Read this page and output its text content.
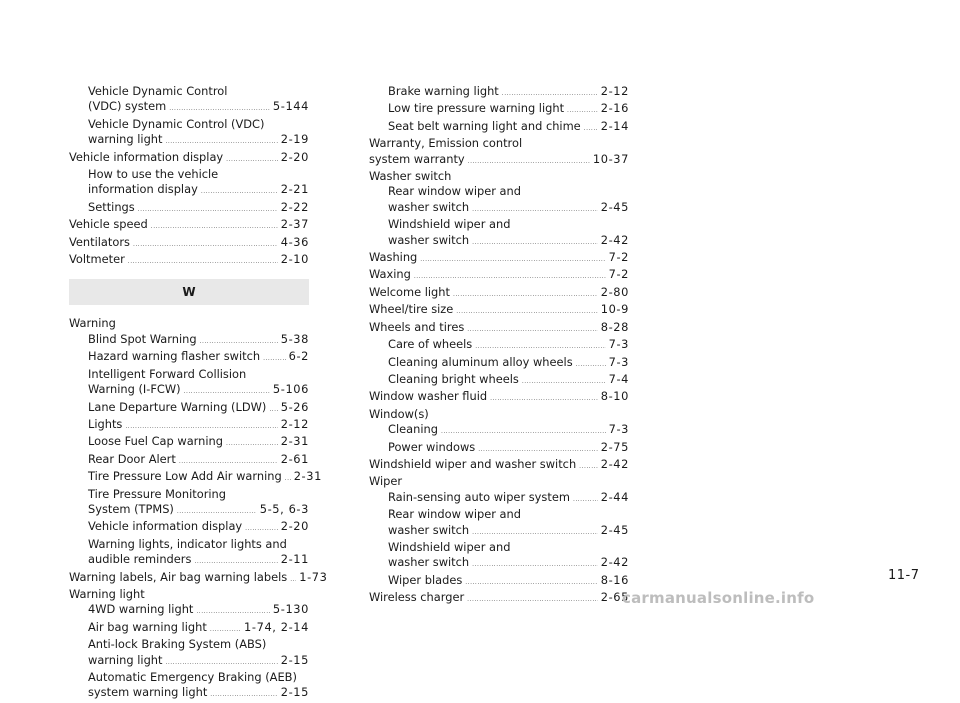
Vehicle Dynamic Control
(VDC) system .....	5-144
Vehicle Dynamic Control (VDC)
warning light .....	2-19
Vehicle information display .....	2-20
How to use the vehicle
information display .....	2-21
Settings .....	2-22
Vehicle speed .....	2-37
Ventilators .....	4-36
Voltmeter .....	2-10
W
Warning
Blind Spot Warning .....	5-38
Hazard warning flasher switch .....	6-2
Intelligent Forward Collision
Warning (I-FCW) .....	5-106
Lane Departure Warning (LDW) ..... 5-26
Lights .....	2-12
Loose Fuel Cap warning .....	2-31
Rear Door Alert .....	2-61
Tire Pressure Low Add Air warning ..... 2-31
Tire Pressure Monitoring
System (TPMS) .....	5-5, 6-3
Vehicle information display .....	2-20
Warning lights, indicator lights and
audible reminders .....	2-11
Warning labels, Air bag warning labels ..... 1-73
Warning light
4WD warning light .....	5-130
Air bag warning light .....	1-74, 2-14
Anti-lock Braking System (ABS)
warning light .....	2-15
Automatic Emergency Braking (AEB)
system warning light .....	2-15
Brake warning light .....	2-12
Low tire pressure warning light .....	2-16
Seat belt warning light and chime ..... 2-14
Warranty, Emission control
system warranty .....	10-37
Washer switch
Rear window wiper and
washer switch .....	2-45
Windshield wiper and
washer switch .....	2-42
Washing .....	7-2
Waxing .....	7-2
Welcome light .....	2-80
Wheel/tire size .....	10-9
Wheels and tires .....	8-28
Care of wheels .....	7-3
Cleaning aluminum alloy wheels .....	7-3
Cleaning bright wheels .....	7-4
Window washer fluid .....	8-10
Window(s)
Cleaning .....	7-3
Power windows .....	2-75
Windshield wiper and washer switch ..... 2-42
Wiper
Rain-sensing auto wiper system .....	2-44
Rear window wiper and
washer switch .....	2-45
Windshield wiper and
washer switch .....	2-42
Wiper blades .....	8-16
Wireless charger .....	2-65
11-7
carmanualsonline.info
